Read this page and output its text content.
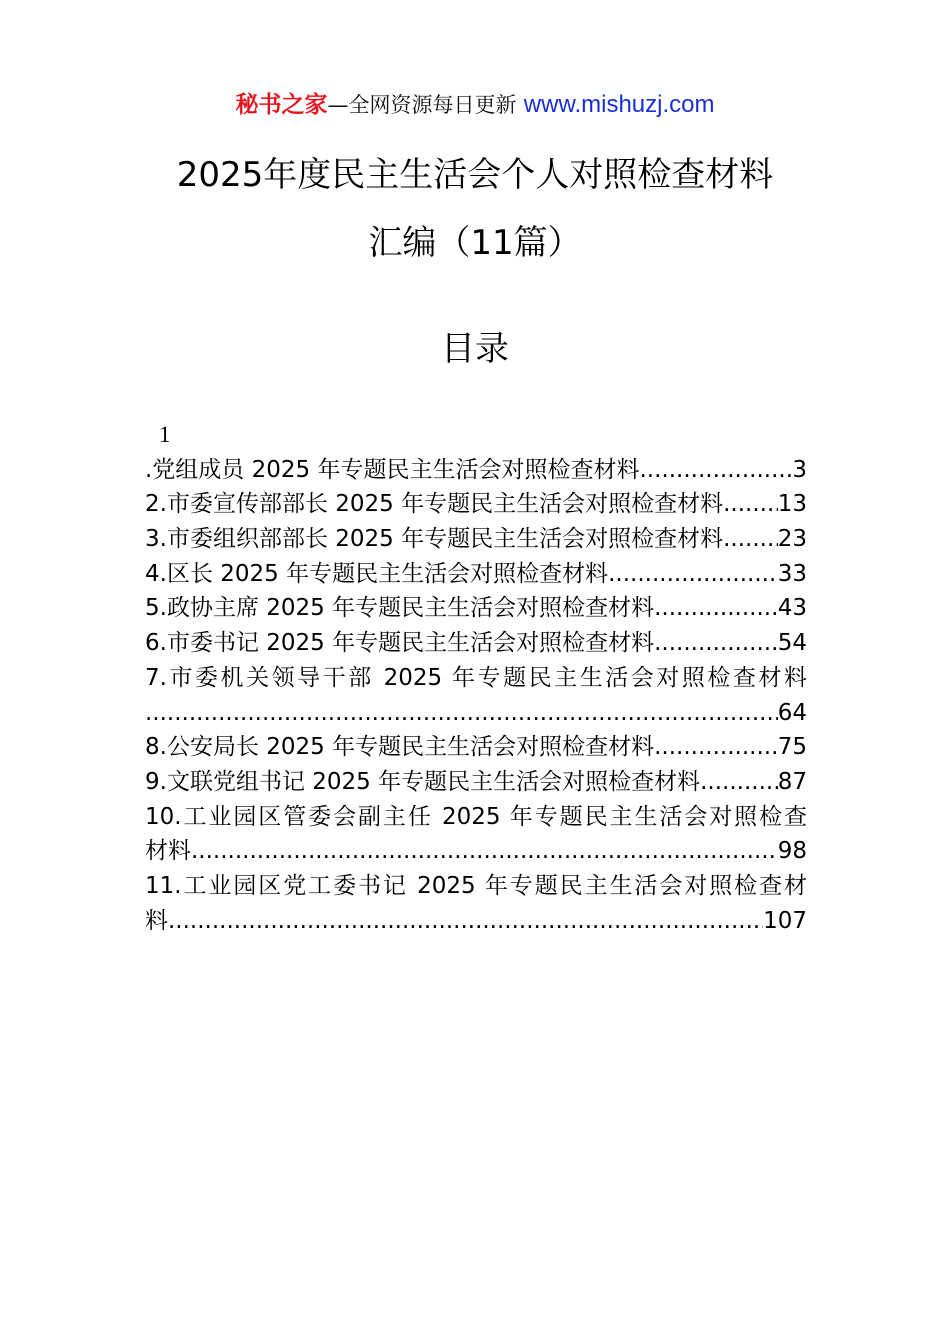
秘书之家—全网资源每日更新 www.mishuzj.com
2025年度民主生活会个人对照检查材料
汇编（11篇）
目录
1
.党组成员 2025 年专题民主生活会对照检查材料 .....	3
2.市委宣传部部长 2025 年专题民主生活会对照检查材料 ..... 13
3.市委组织部部长 2025 年专题民主生活会对照检查材料 ..... 23
4.区长 2025 年专题民主生活会对照检查材料 .....	33
5.政协主席 2025 年专题民主生活会对照检查材料 .....	43
6.市委书记 2025 年专题民主生活会对照检查材料 .....	54
7.市委机关领导干部 2025 年专题民主生活会对照检查材料
.....
64
8.公安局长 2025 年专题民主生活会对照检查材料 .....	75
9.文联党组书记 2025 年专题民主生活会对照检查材料 .....	87
10.工业园区管委会副主任 2025 年专题民主生活会对照检查
材料 .....	98
11.工业园区党工委书记 2025 年专题民主生活会对照检查材
料 .....	107
